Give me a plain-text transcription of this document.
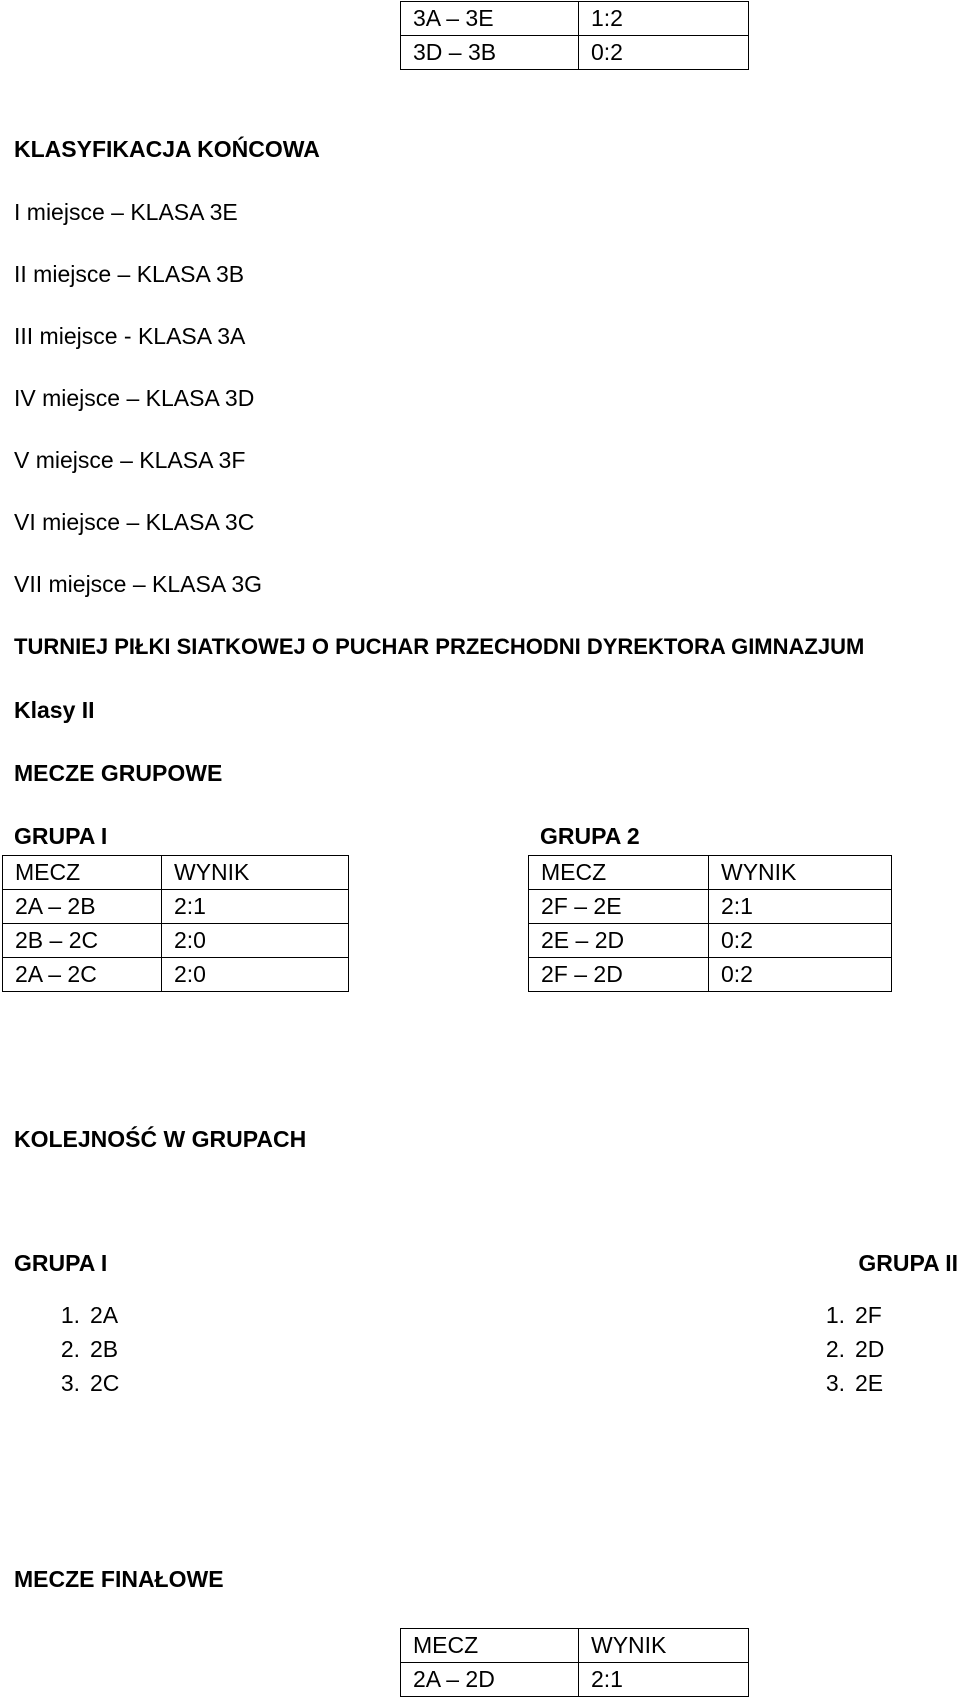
3A – 3E	1:2
3D – 3B	0:2
KLASYFIKACJA KOŃCOWA
I miejsce – KLASA 3E
II miejsce – KLASA 3B
III miejsce - KLASA 3A
IV miejsce – KLASA 3D
V miejsce – KLASA 3F
VI miejsce – KLASA 3C
VII miejsce – KLASA 3G
TURNIEJ PIŁKI SIATKOWEJ O PUCHAR PRZECHODNI DYREKTORA GIMNAZJUM
Klasy II
MECZE GRUPOWE
GRUPA I	GRUPA 2
MECZ	WYNIK
2A – 2B	2:1
2B – 2C	2:0
2A – 2C	2:0
MECZ	WYNIK
2F – 2E	2:1
2E – 2D	0:2
2F – 2D	0:2
KOLEJNOŚĆ W GRUPACH
GRUPA I	GRUPA II
1. 2A
2. 2B
3. 2C
1. 2F
2. 2D
3. 2E
MECZE FINAŁOWE
MECZ	WYNIK
2A – 2D	2:1
